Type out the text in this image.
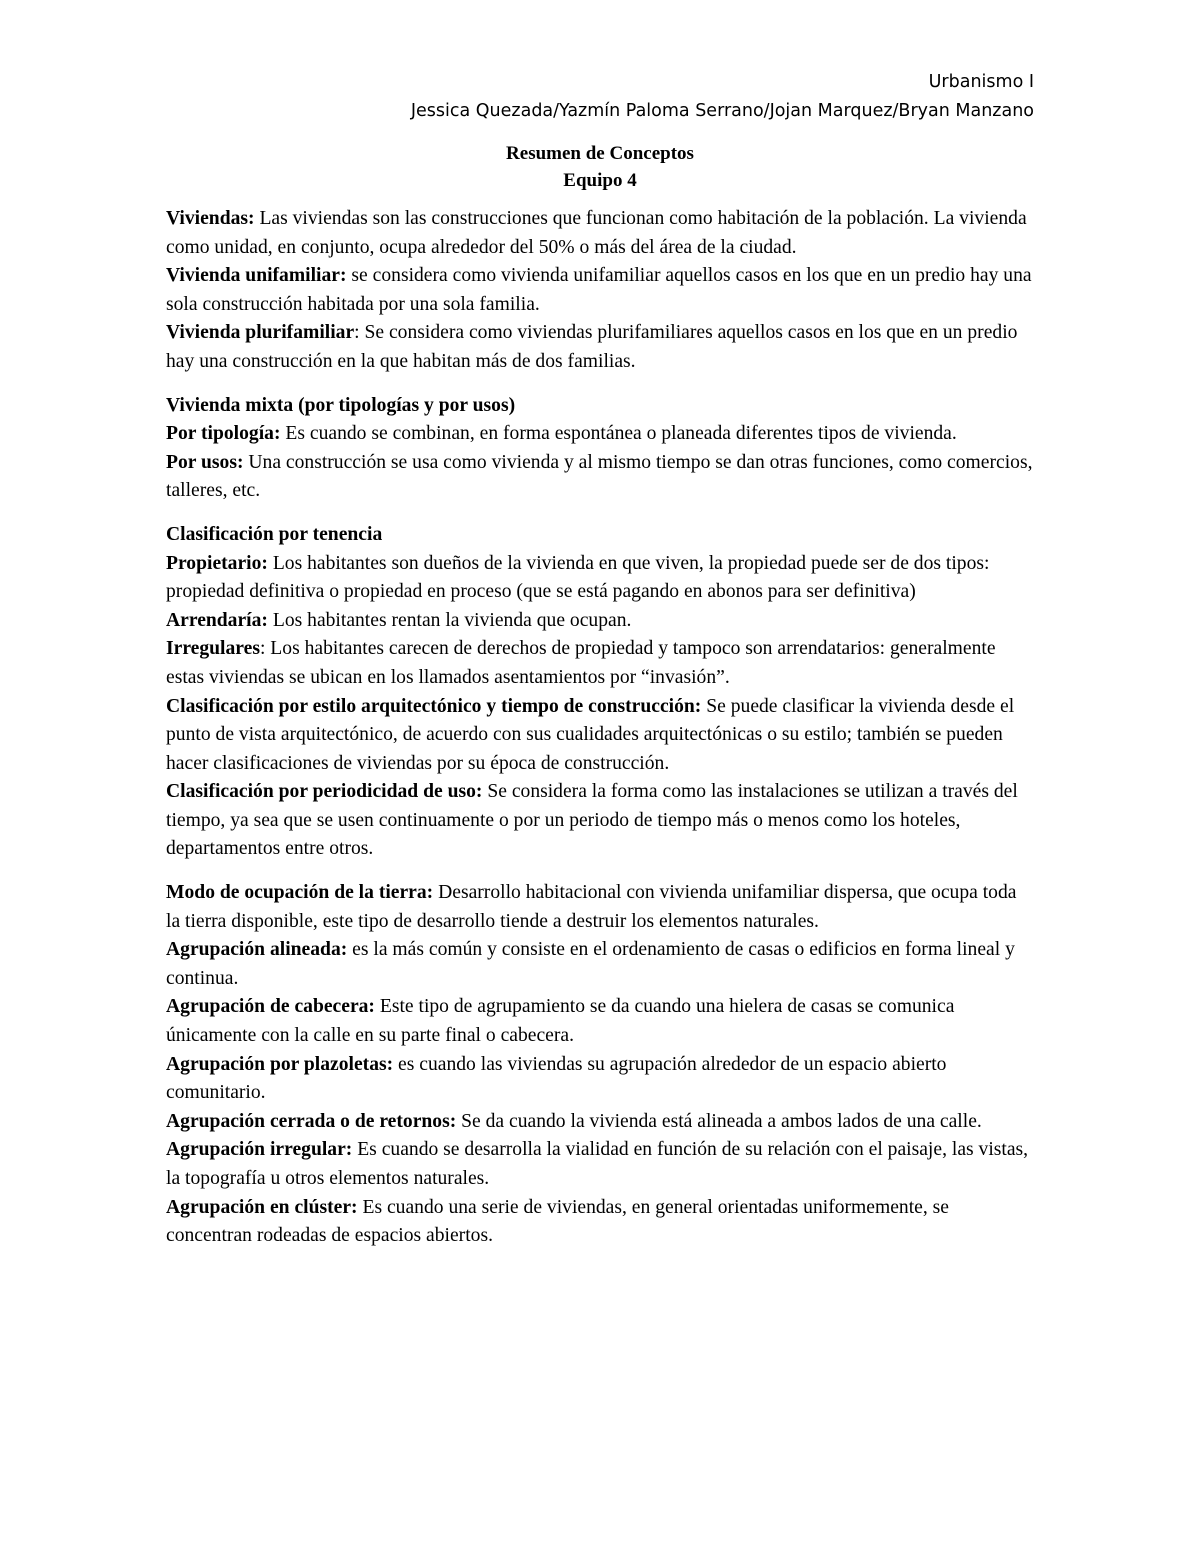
Urbanismo I
Jessica Quezada/Yazmín Paloma Serrano/Jojan Marquez/Bryan Manzano
Resumen de Conceptos
Equipo 4

Viviendas: Las viviendas son las construcciones que funcionan como habitación de la población. La vivienda como unidad, en conjunto, ocupa alrededor del 50% o más del área de la ciudad.

Vivienda unifamiliar: se considera como vivienda unifamiliar aquellos casos en los que en un predio hay una sola construcción habitada por una sola familia.

Vivienda plurifamiliar: Se considera como viviendas plurifamiliares aquellos casos en los que en un predio hay una construcción en la que habitan más de dos familias.

Vivienda mixta (por tipologías y por usos)

Por tipología: Es cuando se combinan, en forma espontánea o planeada diferentes tipos de vivienda.

Por usos: Una construcción se usa como vivienda y al mismo tiempo se dan otras funciones, como comercios, talleres, etc.

Clasificación por tenencia

Propietario: Los habitantes son dueños de la vivienda en que viven, la propiedad puede ser de dos tipos: propiedad definitiva o propiedad en proceso (que se está pagando en abonos para ser definitiva)

Arrendaría: Los habitantes rentan la vivienda que ocupan.

Irregulares: Los habitantes carecen de derechos de propiedad y tampoco son arrendatarios: generalmente estas viviendas se ubican en los llamados asentamientos por “invasión”.

Clasificación por estilo arquitectónico y tiempo de construcción: Se puede clasificar la vivienda desde el punto de vista arquitectónico, de acuerdo con sus cualidades arquitectónicas o su estilo; también se pueden hacer clasificaciones de viviendas por su época de construcción.

Clasificación por periodicidad de uso: Se considera la forma como las instalaciones se utilizan a través del tiempo, ya sea que se usen continuamente o por un periodo de tiempo más o menos como los hoteles, departamentos entre otros.

Modo de ocupación de la tierra: Desarrollo habitacional con vivienda unifamiliar dispersa, que ocupa toda la tierra disponible, este tipo de desarrollo tiende a destruir los elementos naturales.

Agrupación alineada: es la más común y consiste en el ordenamiento de casas o edificios en forma lineal y continua.

Agrupación de cabecera: Este tipo de agrupamiento se da cuando una hielera de casas se comunica únicamente con la calle en su parte final o cabecera.

Agrupación por plazoletas: es cuando las viviendas su agrupación alrededor de un espacio abierto comunitario.

Agrupación cerrada o de retornos: Se da cuando la vivienda está alineada a ambos lados de una calle.

Agrupación irregular: Es cuando se desarrolla la vialidad en función de su relación con el paisaje, las vistas, la topografía u otros elementos naturales.

Agrupación en clúster: Es cuando una serie de viviendas, en general orientadas uniformemente, se concentran rodeadas de espacios abiertos.
